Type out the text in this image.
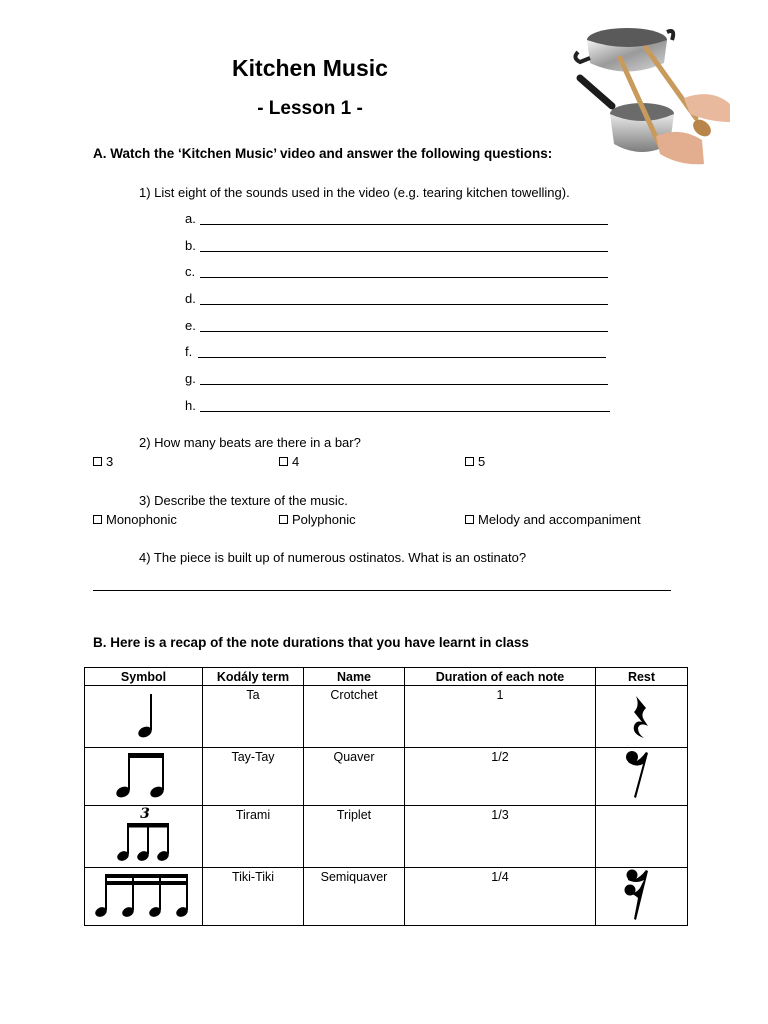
Kitchen Music
- Lesson 1 -
A. Watch the ‘Kitchen Music’ video and answer the following questions:
1) List eight of the sounds used in the video (e.g. tearing kitchen towelling).
a.
b.
c.
d.
e.
f.
g.
h.
2) How many beats are there in a bar?
3	4	5
3) Describe the texture of the music.
Monophonic	Polyphonic	Melody and accompaniment
4) The piece is built up of numerous ostinatos. What is an ostinato?
B. Here is a recap of the note durations that you have learnt in class
Symbol	Kodály term	Name	Duration of each note	Rest
	Ta	Crotchet	1	
	Tay-Tay	Quaver	1/2	

3	Tirami	Triplet	1/3	
	Tiki-Tiki	Semiquaver	1/4	
